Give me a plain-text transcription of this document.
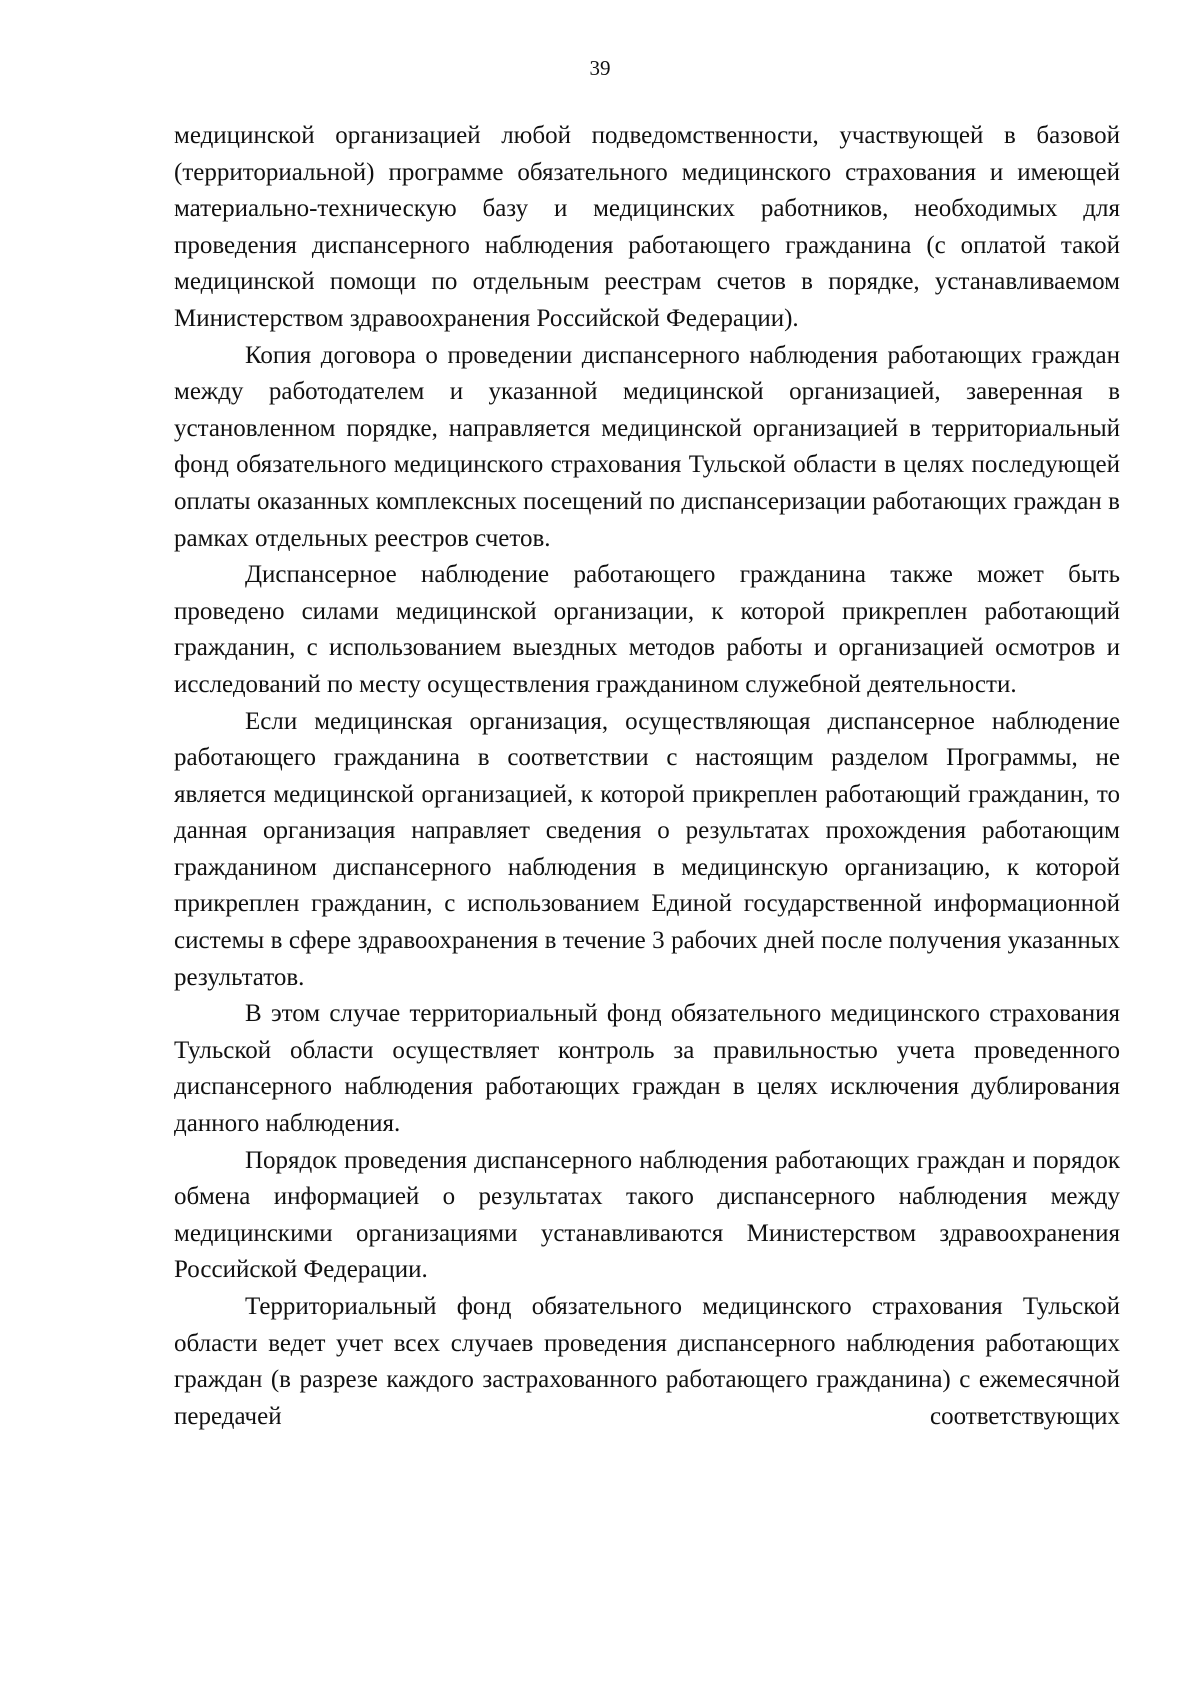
39

медицинской организацией любой подведомственности, участвующей в базовой (территориальной) программе обязательного медицинского страхования и имеющей материально-техническую базу и медицинских работников, необходимых для проведения диспансерного наблюдения работающего гражданина (с оплатой такой медицинской помощи по отдельным реестрам счетов в порядке, устанавливаемом Министерством здравоохранения Российской Федерации).

Копия договора о проведении диспансерного наблюдения работающих граждан между работодателем и указанной медицинской организацией, заверенная в установленном порядке, направляется медицинской организацией в территориальный фонд обязательного медицинского страхования Тульской области в целях последующей оплаты оказанных комплексных посещений по диспансеризации работающих граждан в рамках отдельных реестров счетов.

Диспансерное наблюдение работающего гражданина также может быть проведено силами медицинской организации, к которой прикреплен работающий гражданин, с использованием выездных методов работы и организацией осмотров и исследований по месту осуществления гражданином служебной деятельности.

Если медицинская организация, осуществляющая диспансерное наблюдение работающего гражданина в соответствии с настоящим разделом Программы, не является медицинской организацией, к которой прикреплен работающий гражданин, то данная организация направляет сведения о результатах прохождения работающим гражданином диспансерного наблюдения в медицинскую организацию, к которой прикреплен гражданин, с использованием Единой государственной информационной системы в сфере здравоохранения в течение 3 рабочих дней после получения указанных результатов.

В этом случае территориальный фонд обязательного медицинского страхования Тульской области осуществляет контроль за правильностью учета проведенного диспансерного наблюдения работающих граждан в целях исключения дублирования данного наблюдения.

Порядок проведения диспансерного наблюдения работающих граждан и порядок обмена информацией о результатах такого диспансерного наблюдения между медицинскими организациями устанавливаются Министерством здравоохранения Российской Федерации.

Территориальный фонд обязательного медицинского страхования Тульской области ведет учет всех случаев проведения диспансерного наблюдения работающих граждан (в разрезе каждого застрахованного работающего гражданина) с ежемесячной передачей соответствующих
